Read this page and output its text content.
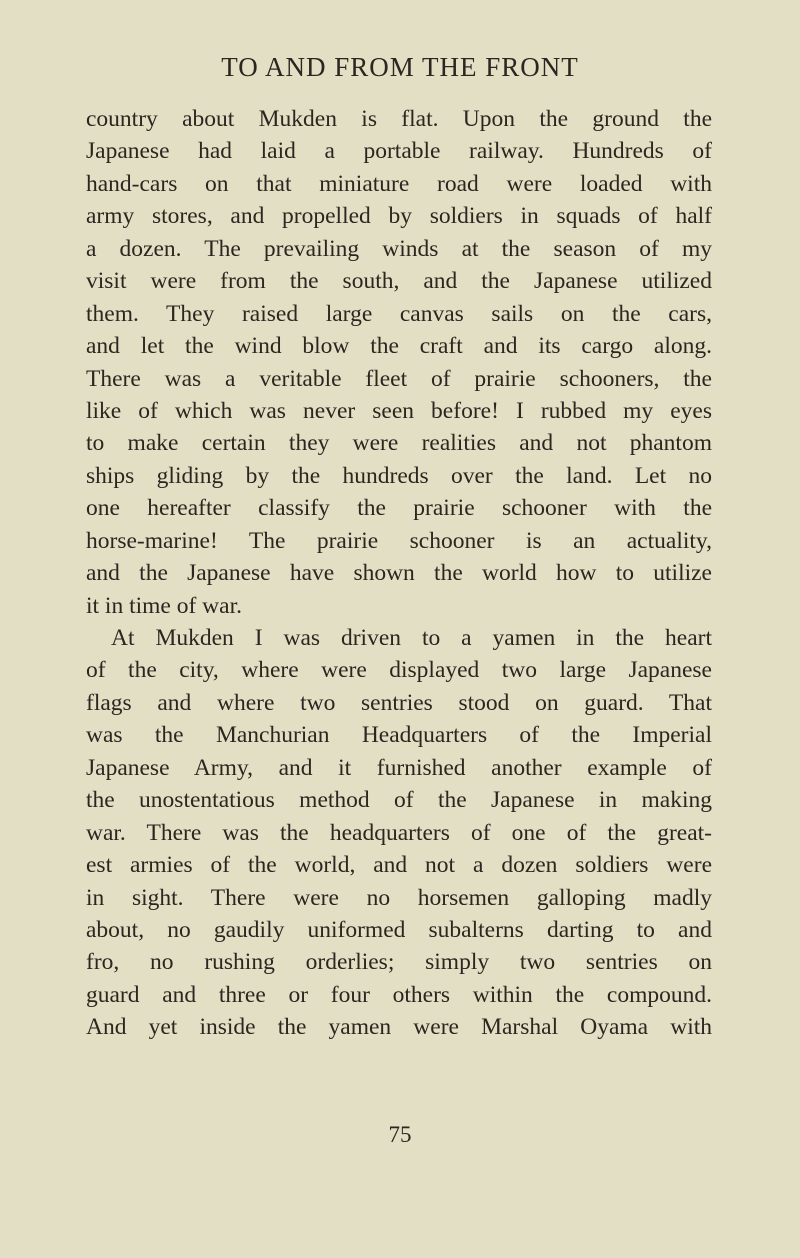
TO AND FROM THE FRONT
country about Mukden is flat. Upon the ground the
Japanese had laid a portable railway. Hundreds of
hand-cars on that miniature road were loaded with
army stores, and propelled by soldiers in squads of half
a dozen. The prevailing winds at the season of my
visit were from the south, and the Japanese utilized
them. They raised large canvas sails on the cars,
and let the wind blow the craft and its cargo along.
There was a veritable fleet of prairie schooners, the
like of which was never seen before! I rubbed my eyes
to make certain they were realities and not phantom
ships gliding by the hundreds over the land. Let no
one hereafter classify the prairie schooner with the
horse-marine! The prairie schooner is an actuality,
and the Japanese have shown the world how to utilize
it in time of war.
At Mukden I was driven to a yamen in the heart
of the city, where were displayed two large Japanese
flags and where two sentries stood on guard. That
was the Manchurian Headquarters of the Imperial
Japanese Army, and it furnished another example of
the unostentatious method of the Japanese in making
war. There was the headquarters of one of the great-
est armies of the world, and not a dozen soldiers were
in sight. There were no horsemen galloping madly
about, no gaudily uniformed subalterns darting to and
fro, no rushing orderlies; simply two sentries on
guard and three or four others within the compound.
And yet inside the yamen were Marshal Oyama with
75
